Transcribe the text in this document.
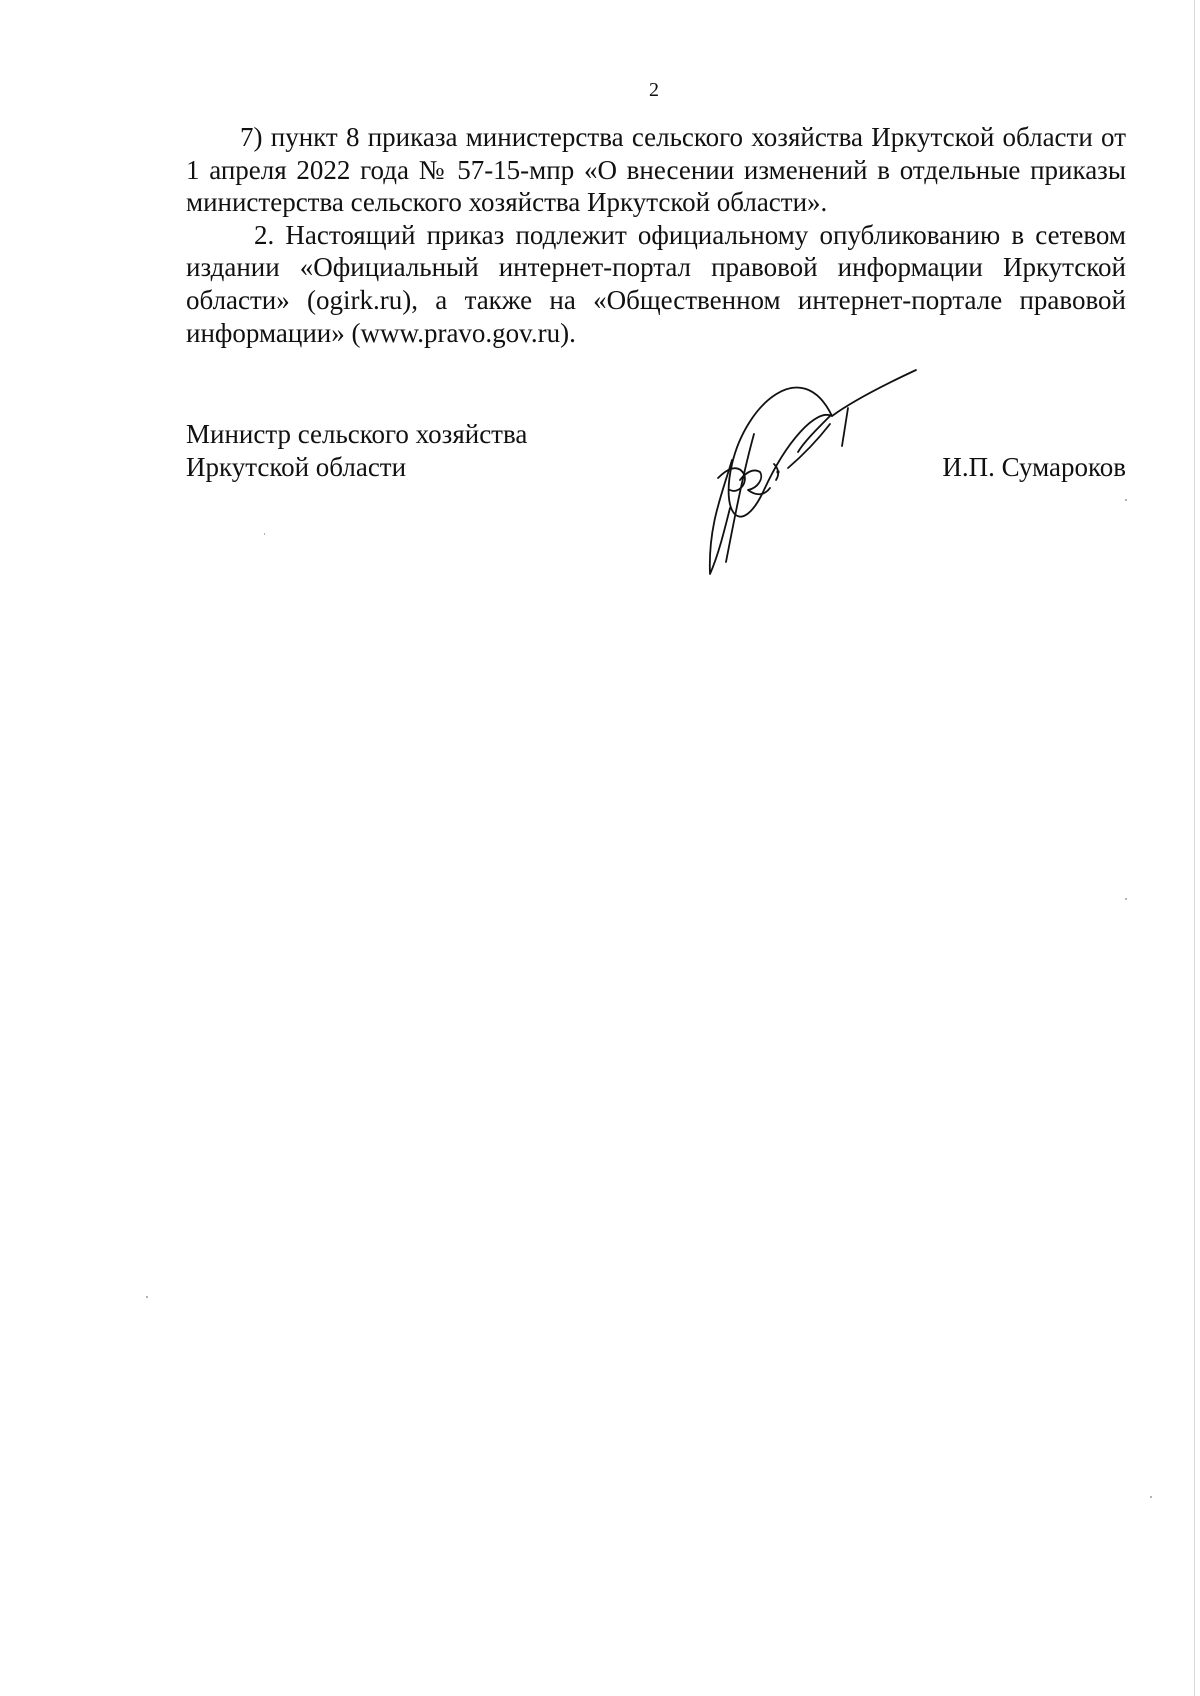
2

7) пункт 8 приказа министерства сельского хозяйства Иркутской области от 1 апреля 2022 года № 57-15-мпр «О внесении изменений в отдельные приказы министерства сельского хозяйства Иркутской области».

2. Настоящий приказ подлежит официальному опубликованию в сетевом издании «Официальный интернет-портал правовой информации Иркутской области» (ogirk.ru), а также на «Общественном интернет-портале правовой информации» (www.pravo.gov.ru).

Министр сельского хозяйства
Иркутской области	И.П. Сумароков
